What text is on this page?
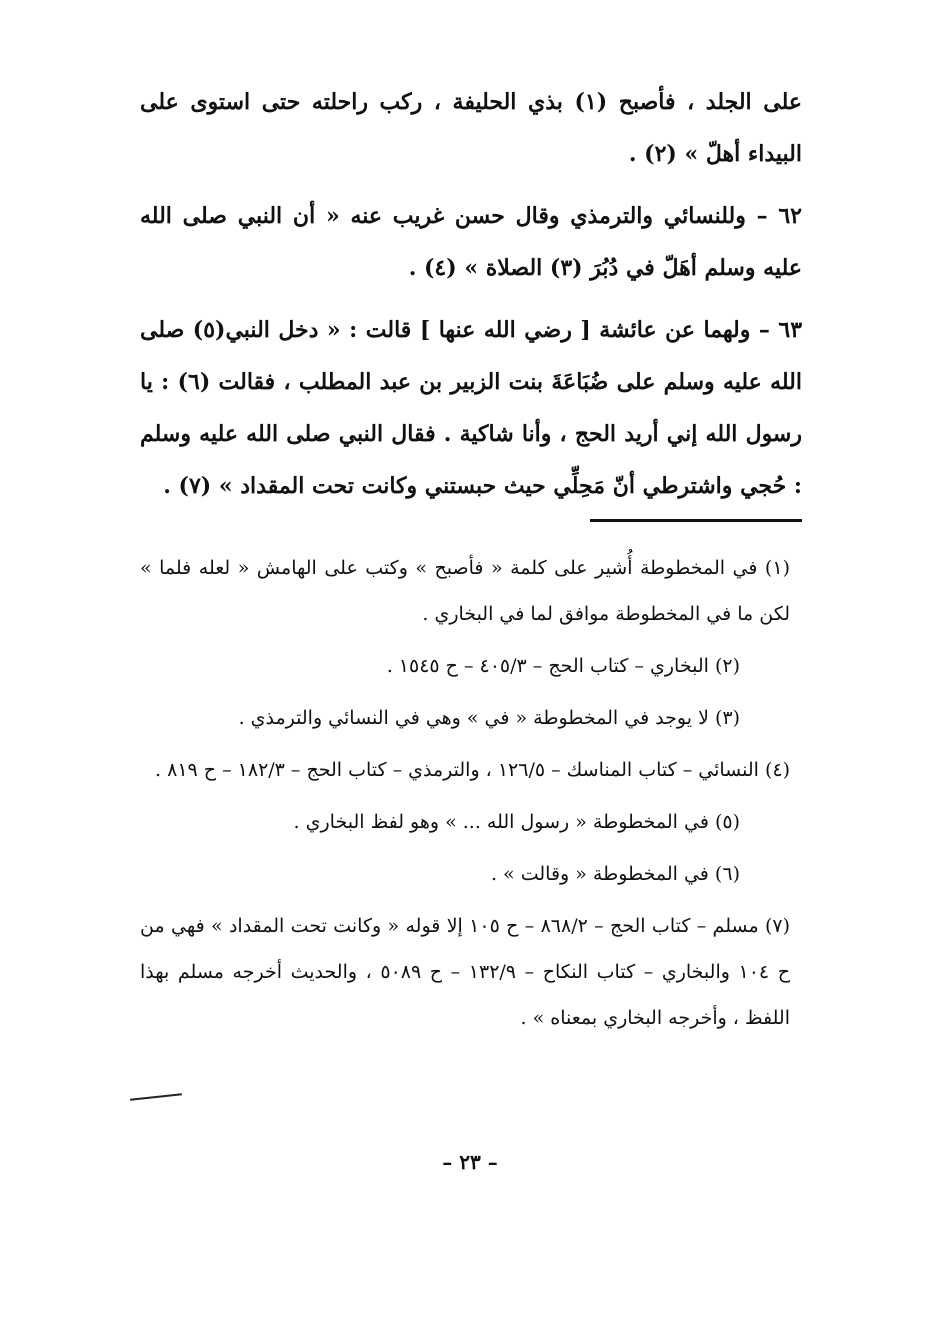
على الجلد ، فأصبح (١) بذي الحليفة ، ركب راحلته حتى استوى على البيداء أهلّ » (٢) .

٦٢ – وللنسائي والترمذي وقال حسن غريب عنه « أن النبي صلى الله عليه وسلم أهَلّ في دُبُرَ (٣) الصلاة » (٤) .

٦٣ – ولهما عن عائشة [ رضي الله عنها ] قالت : « دخل النبي(٥) صلى الله عليه وسلم على ضُبَاعَةَ بنت الزبير بن عبد المطلب ، فقالت (٦) : يا رسول الله إني أريد الحج ، وأنا شاكية . فقال النبي صلى الله عليه وسلم : حُجي واشترطي أنّ مَحِلِّي حيث حبستني وكانت تحت المقداد » (٧) .

(١) في المخطوطة أُشير على كلمة « فأصبح » وكتب على الهامش « لعله فلما » لكن ما في المخطوطة موافق لما في البخاري .

(٢) البخاري – كتاب الحج – ٤٠٥/٣ – ح ١٥٤٥ .

(٣) لا يوجد في المخطوطة « في » وهي في النسائي والترمذي .

(٤) النسائي – كتاب المناسك – ١٢٦/٥ ، والترمذي – كتاب الحج – ١٨٢/٣ – ح ٨١٩ .

(٥) في المخطوطة « رسول الله ... » وهو لفظ البخاري .

(٦) في المخطوطة « وقالت » .

(٧) مسلم – كتاب الحج – ٨٦٨/٢ – ح ١٠٥ إلا قوله « وكانت تحت المقداد » فهي من ح ١٠٤ والبخاري – كتاب النكاح – ١٣٢/٩ – ح ٥٠٨٩ ، والحديث أخرجه مسلم بهذا اللفظ ، وأخرجه البخاري بمعناه » .

– ٢٣ –
